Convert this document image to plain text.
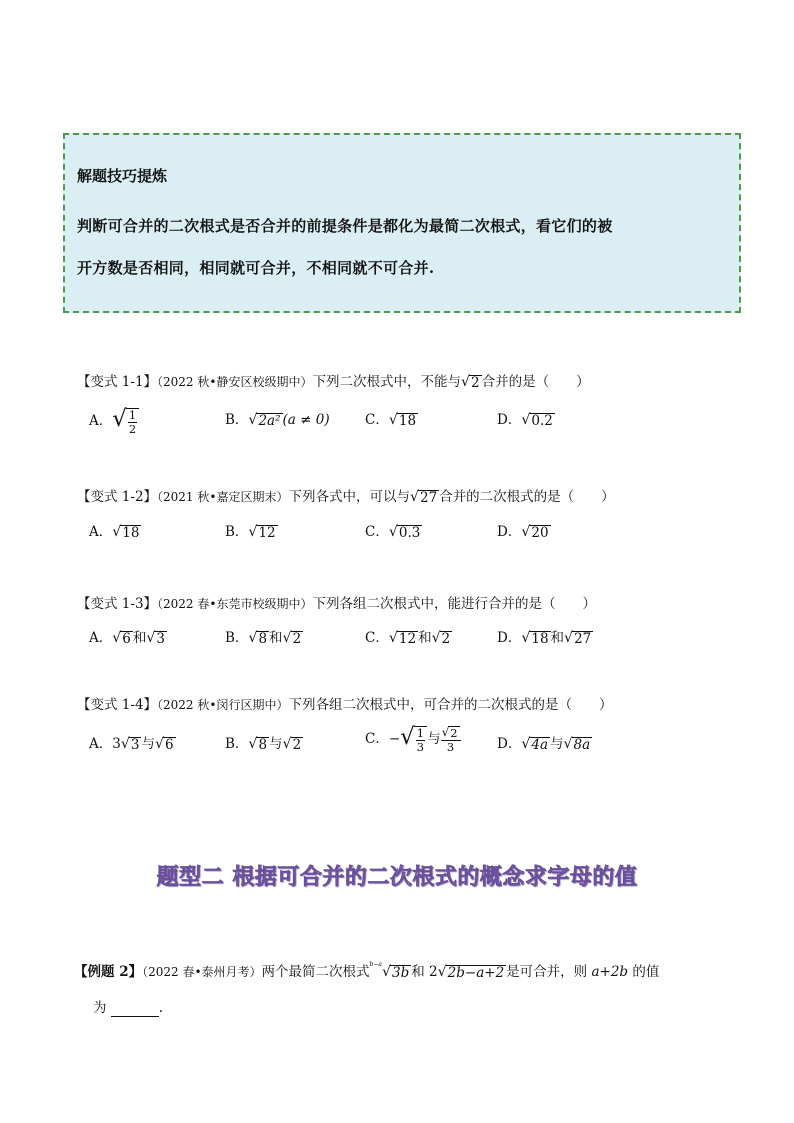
解题技巧提炼
判断可合并的二次根式是否合并的前提条件是都化为最简二次根式，看它们的被
开方数是否相同，相同就可合并，不相同就不可合并.
【变式 1-1】（2022 秋•静安区校级期中）下列二次根式中，不能与 √ 2 合并的是（　　）
A． √ $\frac{1}{2}$	B． √ 2a² (a ≠ 0)	C． √ 18	D． √ 0.2
【变式 1-2】（2021 秋•嘉定区期末）下列各式中，可以与 √ 27 合并的二次根式的是（　　）
A． √ 18	B． √ 12	C． √ 0.3	D． √ 20
【变式 1-3】（2022 春•东莞市校级期中）下列各组二次根式中，能进行合并的是（　　）
A． √ 6 和 √ 3	B． √ 8 和 √ 2	C． √ 12 和 √ 2	D． √ 18 和 √ 27
【变式 1-4】（2022 秋•闵行区期中）下列各组二次根式中，可合并的二次根式的是（　　）
A．3 √ 3 与 √ 6	B． √ 8 与 √ 2	C．− √ $\frac{1}{3}$ 与 $\frac{√ 2}{3}$	D． √ 4a 与 √ 8a
题型二 根据可合并的二次根式的概念求字母的值
【例题 2】（2022 春•泰州月考）两个最简二次根式$^{b-a}$ √ 3b 和 2 √ 2b−a+2 是可合并，则 a+2b 的值
为	.
